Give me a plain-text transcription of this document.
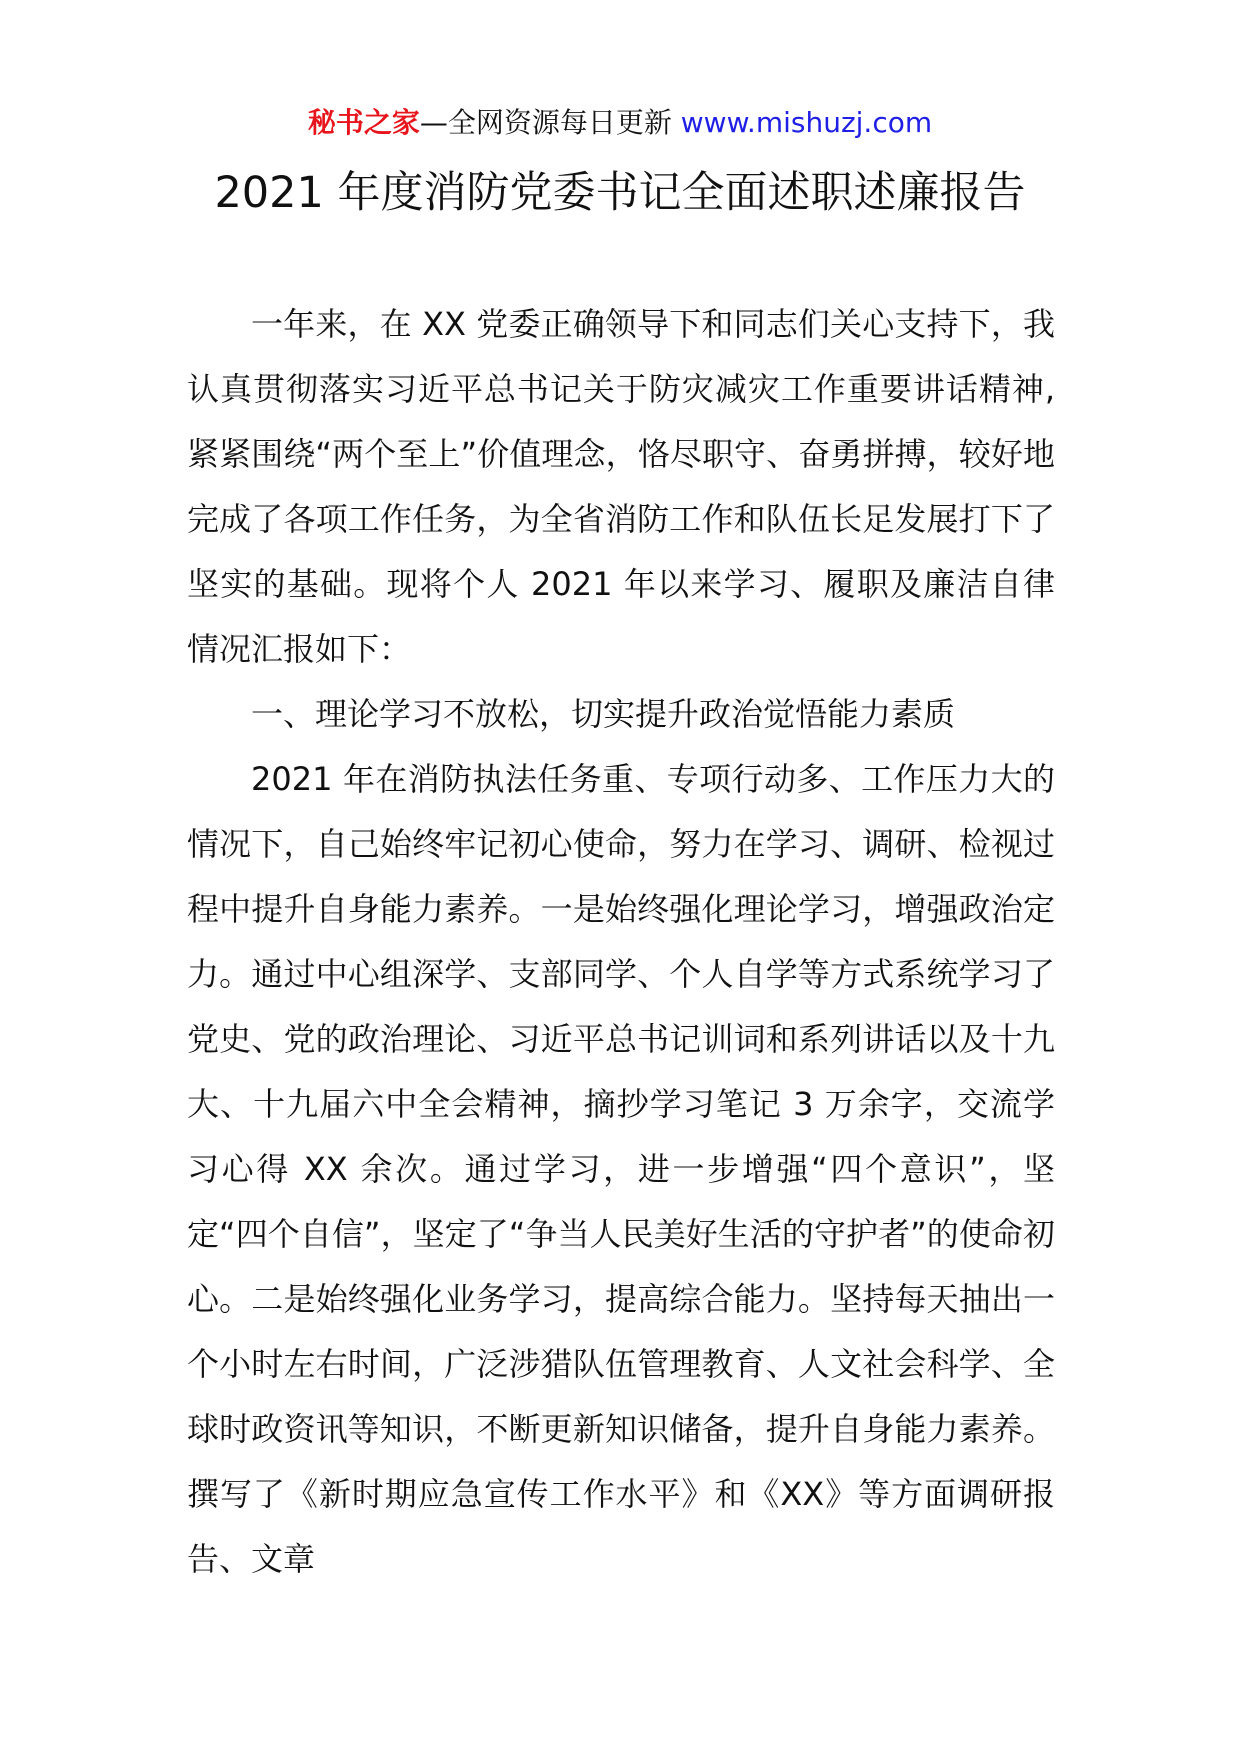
秘书之家—全网资源每日更新 www.mishuzj.com
2021 年度消防党委书记全面述职述廉报告

一年来，在 XX 党委正确领导下和同志们关心支持下，我认真贯彻落实习近平总书记关于防灾减灾工作重要讲话精神,紧紧围绕“两个至上”价值理念，恪尽职守、奋勇拼搏，较好地完成了各项工作任务，为全省消防工作和队伍长足发展打下了坚实的基础。现将个人 2021 年以来学习、履职及廉洁自律情况汇报如下：

一、理论学习不放松，切实提升政治觉悟能力素质

2021 年在消防执法任务重、专项行动多、工作压力大的情况下，自己始终牢记初心使命，努力在学习、调研、检视过程中提升自身能力素养。一是始终强化理论学习，增强政治定力。通过中心组深学、支部同学、个人自学等方式系统学习了党史、党的政治理论、习近平总书记训词和系列讲话以及十九大、十九届六中全会精神，摘抄学习笔记 3 万余字，交流学习心得 XX 余次。通过学习，进一步增强“四个意识”，坚定“四个自信”，坚定了“争当人民美好生活的守护者”的使命初心。二是始终强化业务学习，提高综合能力。坚持每天抽出一个小时左右时间，广泛涉猎队伍管理教育、人文社会科学、全球时政资讯等知识，不断更新知识储备，提升自身能力素养。撰写了《新时期应急宣传工作水平》和《XX》等方面调研报告、文章
